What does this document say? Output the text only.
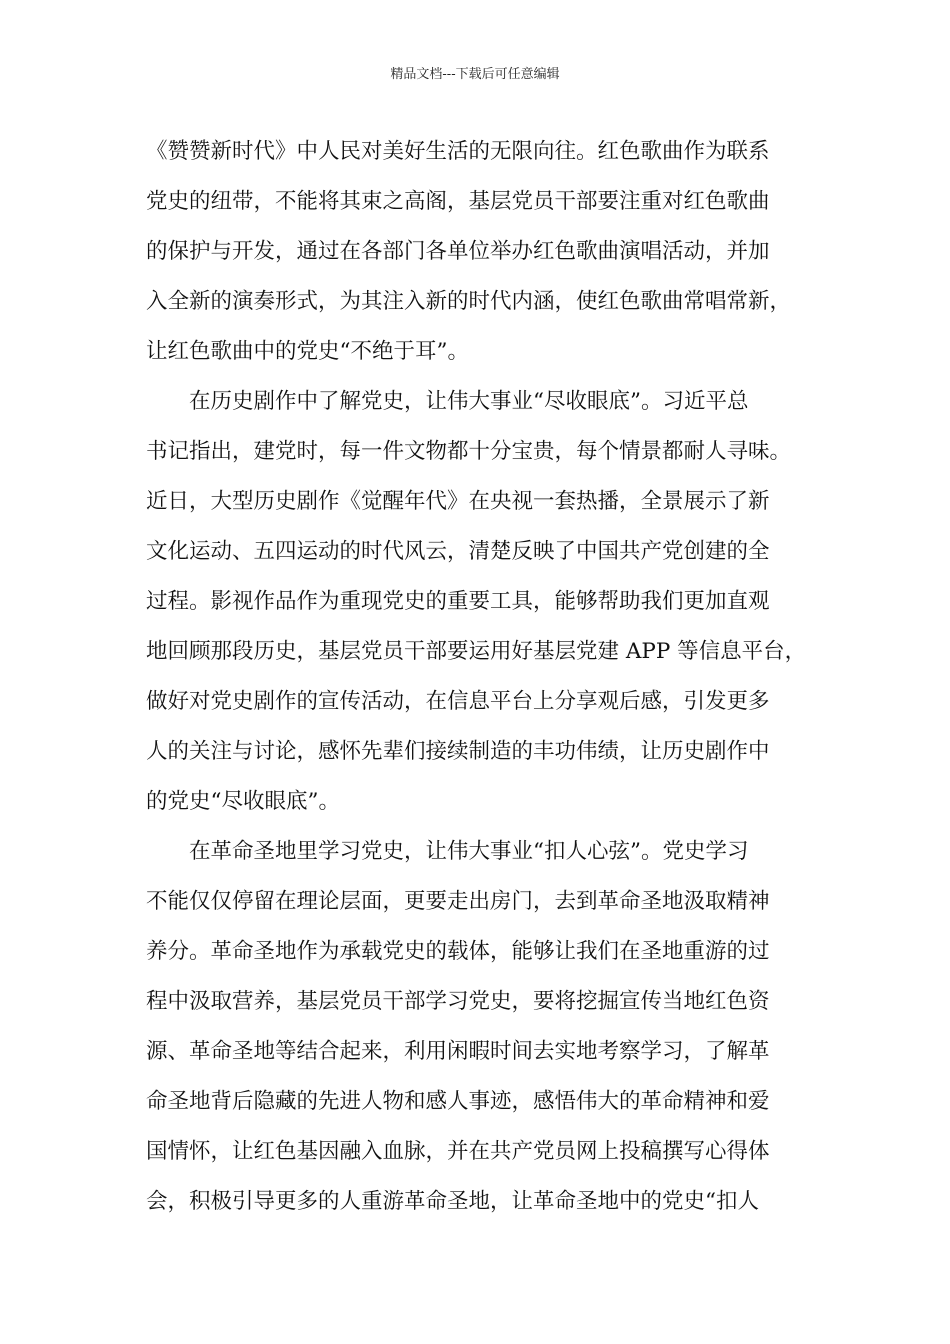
精品文档---下载后可任意编辑
《赞赞新时代》中人民对美好生活的无限向往。红色歌曲作为联系
党史的纽带，不能将其束之高阁，基层党员干部要注重对红色歌曲
的保护与开发，通过在各部门各单位举办红色歌曲演唱活动，并加
入全新的演奏形式，为其注入新的时代内涵，使红色歌曲常唱常新，
让红色歌曲中的党史“不绝于耳”。
在历史剧作中了解党史，让伟大事业“尽收眼底”。习近平总
书记指出，建党时，每一件文物都十分宝贵，每个情景都耐人寻味。
近日，大型历史剧作《觉醒年代》在央视一套热播，全景展示了新
文化运动、五四运动的时代风云，清楚反映了中国共产党创建的全
过程。影视作品作为重现党史的重要工具，能够帮助我们更加直观
地回顾那段历史，基层党员干部要运用好基层党建 APP 等信息平台，
做好对党史剧作的宣传活动，在信息平台上分享观后感，引发更多
人的关注与讨论，感怀先辈们接续制造的丰功伟绩，让历史剧作中
的党史“尽收眼底”。
在革命圣地里学习党史，让伟大事业“扣人心弦”。党史学习
不能仅仅停留在理论层面，更要走出房门，去到革命圣地汲取精神
养分。革命圣地作为承载党史的载体，能够让我们在圣地重游的过
程中汲取营养，基层党员干部学习党史，要将挖掘宣传当地红色资
源、革命圣地等结合起来，利用闲暇时间去实地考察学习，了解革
命圣地背后隐藏的先进人物和感人事迹，感悟伟大的革命精神和爱
国情怀，让红色基因融入血脉，并在共产党员网上投稿撰写心得体
会，积极引导更多的人重游革命圣地，让革命圣地中的党史“扣人
